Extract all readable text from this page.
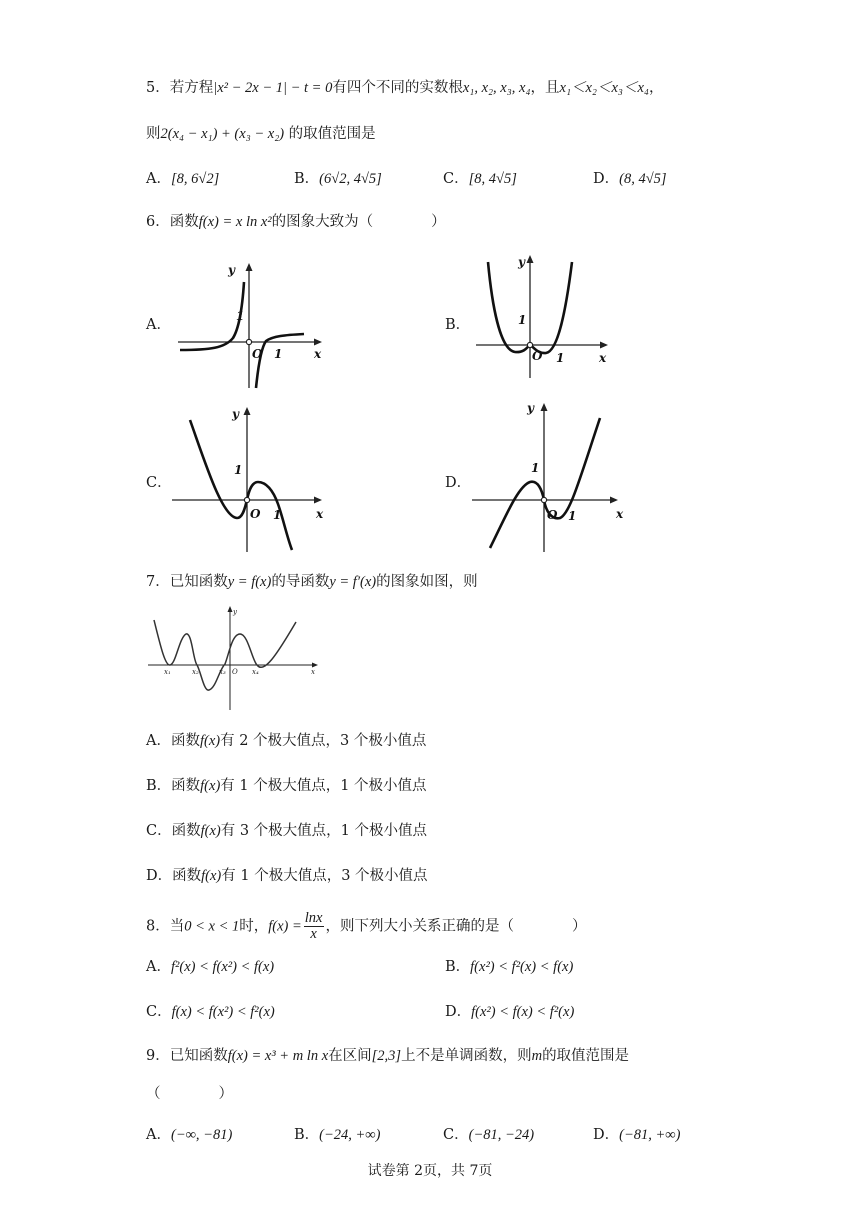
5．若方程|x² − 2x − 1| − t = 0有四个不同的实数根x₁, x₂, x₃, x₄，且x₁＜x₂＜x₃＜x₄，
则2(x₄ − x₁) + (x₃ − x₂) 的取值范围是
A．[8, 6√2]	B．(6√2, 4√5]	C．[8, 4√5]	D．(8, 4√5]
6．函数f(x) = x ln x²的图象大致为（　　　　）
A．
y
1
O 1	x
B．
y
1
O 1	x
C．
y
1
O 1	x
D．
y
1
O 1	x
7．已知函数y = f(x)的导函数y = f′(x)的图象如图，则
x₁	x₂	x₃ O x₄
y
x
A．函数f(x)有 2 个极大值点，3 个极小值点
B．函数f(x)有 1 个极大值点，1 个极小值点
C．函数f(x)有 3 个极大值点，1 个极小值点
D．函数f(x)有 1 个极大值点，3 个极小值点
8．当0 < x < 1时，$f(x) = \frac{\ln x}{x}$ ，则下列大小关系正确的是（　　　　）
A．f²(x) < f(x²) < f(x)	B．f(x²) < f²(x) < f(x)
C．f(x) < f(x²) < f²(x)	D．f(x²) < f(x) < f²(x)
9．已知函数f(x) = x³ + m ln x在区间[2,3]上不是单调函数，则m的取值范围是
（　　　　）
A．(−∞, −81)	B．(−24, +∞)	C．(−81, −24)	D．(−81, +∞)
试卷第 2页，共 7页
